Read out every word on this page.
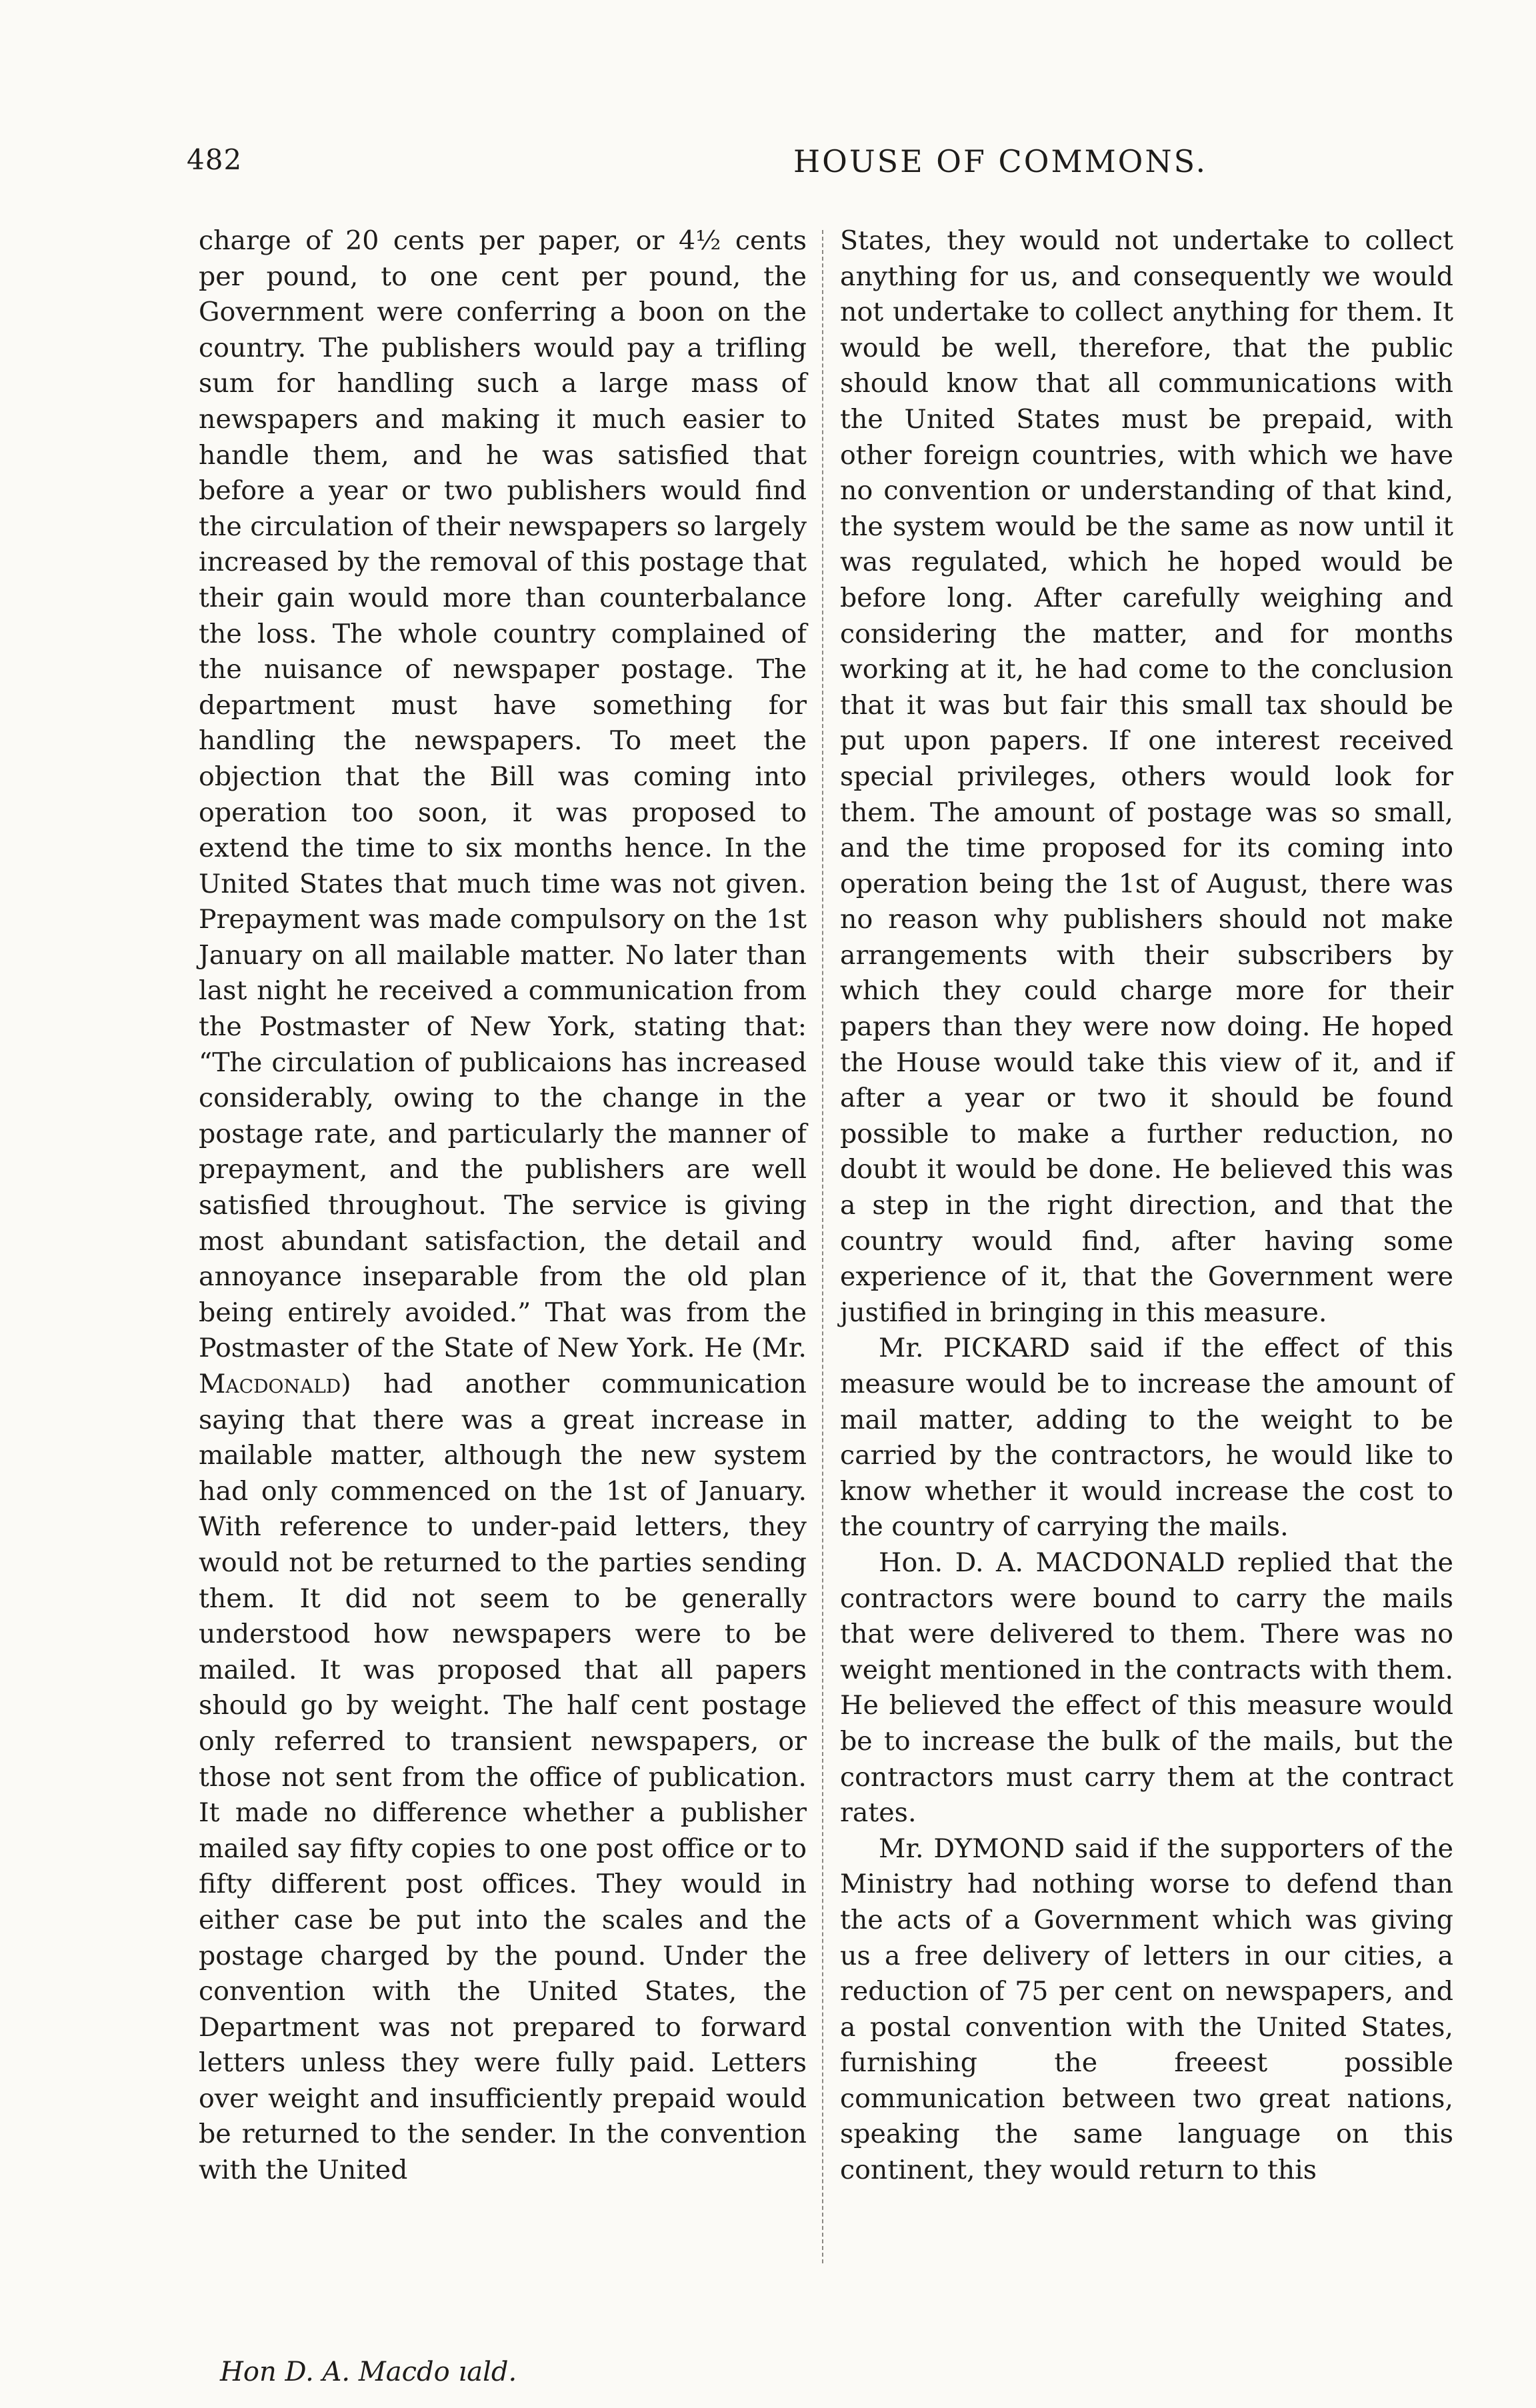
482	HOUSE OF COMMONS.

charge of 20 cents per paper, or 4½ cents per pound, to one cent per pound, the Government were conferring a boon on the country. The publishers would pay a trifling sum for handling such a large mass of newspapers and making it much easier to handle them, and he was satisfied that before a year or two publishers would find the circulation of their newspapers so largely increased by the removal of this postage that their gain would more than counterbalance the loss. The whole country complained of the nuisance of newspaper postage. The department must have something for handling the newspapers. To meet the objection that the Bill was coming into operation too soon, it was proposed to extend the time to six months hence. In the United States that much time was not given. Prepayment was made compulsory on the 1st January on all mailable matter. No later than last night he received a communication from the Postmaster of New York, stating that: “The circulation of publicaions has increased considerably, owing to the change in the postage rate, and particularly the manner of prepayment, and the publishers are well satisfied throughout. The service is giving most abundant satisfaction, the detail and annoyance inseparable from the old plan being entirely avoided.” That was from the Postmaster of the State of New York. He (Mr. Macdonald) had another communication saying that there was a great increase in mailable matter, although the new system had only commenced on the 1st of January. With reference to under-paid letters, they would not be returned to the parties sending them. It did not seem to be generally understood how newspapers were to be mailed. It was proposed that all papers should go by weight. The half cent postage only referred to transient newspapers, or those not sent from the office of publication. It made no difference whether a publisher mailed say fifty copies to one post office or to fifty different post offices. They would in either case be put into the scales and the postage charged by the pound. Under the convention with the United States, the Department was not prepared to forward letters unless they were fully paid. Letters over weight and insufficiently prepaid would be returned to the sender. In the convention with the United

States, they would not undertake to collect anything for us, and consequently we would not undertake to collect anything for them. It would be well, therefore, that the public should know that all communications with the United States must be prepaid, with other foreign countries, with which we have no convention or understanding of that kind, the system would be the same as now until it was regulated, which he hoped would be before long. After carefully weighing and considering the matter, and for months working at it, he had come to the conclusion that it was but fair this small tax should be put upon papers. If one interest received special privileges, others would look for them. The amount of postage was so small, and the time proposed for its coming into operation being the 1st of August, there was no reason why publishers should not make arrangements with their subscribers by which they could charge more for their papers than they were now doing. He hoped the House would take this view of it, and if after a year or two it should be found possible to make a further reduction, no doubt it would be done. He believed this was a step in the right direction, and that the country would find, after having some experience of it, that the Government were justified in bringing in this measure.

Mr. PICKARD said if the effect of this measure would be to increase the amount of mail matter, adding to the weight to be carried by the contractors, he would like to know whether it would increase the cost to the country of carrying the mails.

Hon. D. A. MACDONALD replied that the contractors were bound to carry the mails that were delivered to them. There was no weight mentioned in the contracts with them. He believed the effect of this measure would be to increase the bulk of the mails, but the contractors must carry them at the contract rates.

Mr. DYMOND said if the supporters of the Ministry had nothing worse to defend than the acts of a Government which was giving us a free delivery of letters in our cities, a reduction of 75 per cent on newspapers, and a postal convention with the United States, furnishing the freeest possible communication between two great nations, speaking the same language on this continent, they would return to this

Hon D. A. Macdo ıald.
